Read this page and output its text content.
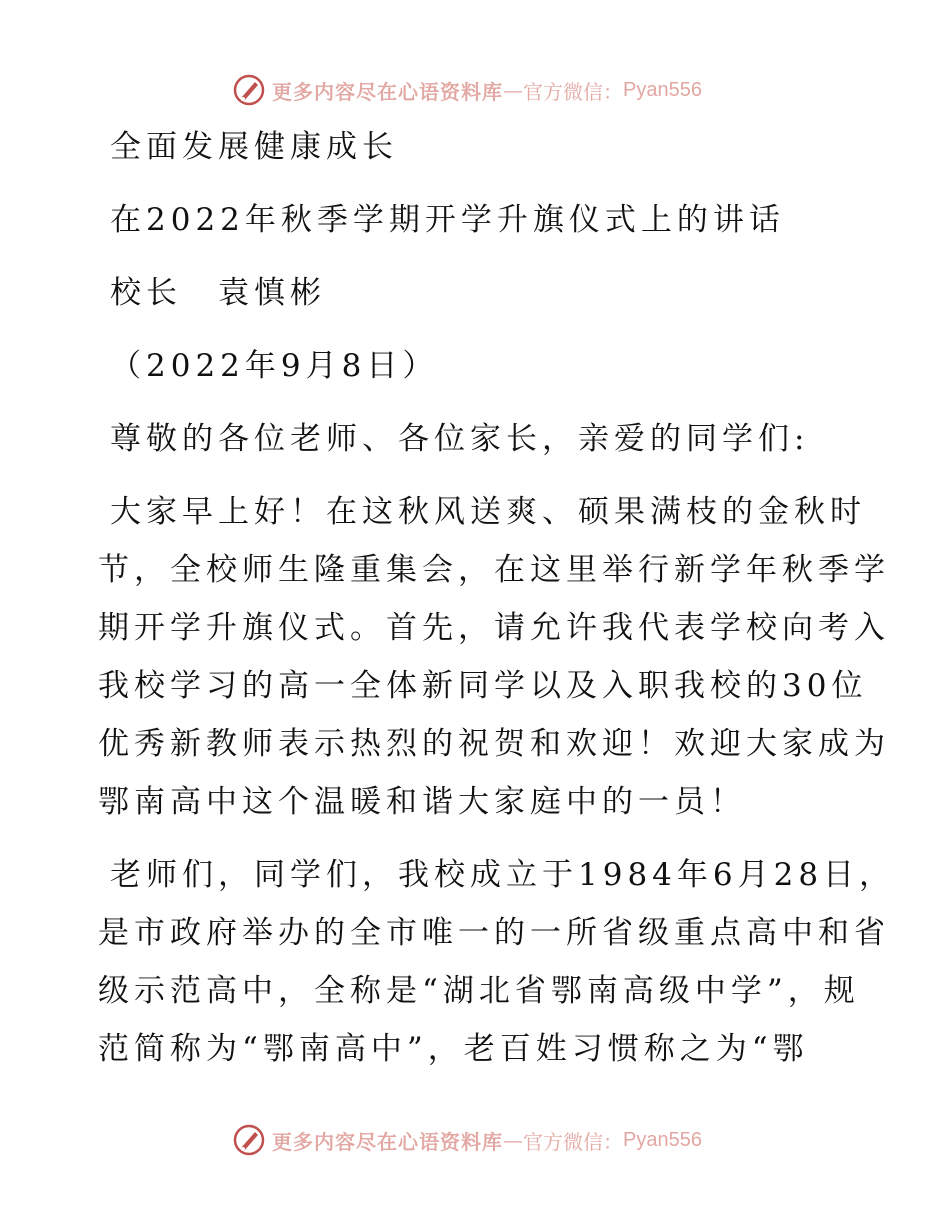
更多内容尽在心语资料库 — 官方微信： Pyan556
全面发展健康成长
在2022年秋季学期开学升旗仪式上的讲话
校长　袁慎彬
（2022年9月8日）
尊敬的各位老师、各位家长，亲爱的同学们:
大家早上好！在这秋风送爽、硕果满枝的金秋时
节，全校师生隆重集会，在这里举行新学年秋季学
期开学升旗仪式。首先，请允许我代表学校向考入
我校学习的高一全体新同学以及入职我校的30位
优秀新教师表示热烈的祝贺和欢迎！欢迎大家成为
鄂南高中这个温暖和谐大家庭中的一员！
老师们，同学们，我校成立于1984年6月28日，
是市政府举办的全市唯一的一所省级重点高中和省
级示范高中，全称是“湖北省鄂南高级中学”，规
范简称为“鄂南高中”，老百姓习惯称之为“鄂
更多内容尽在心语资料库 — 官方微信： Pyan556
